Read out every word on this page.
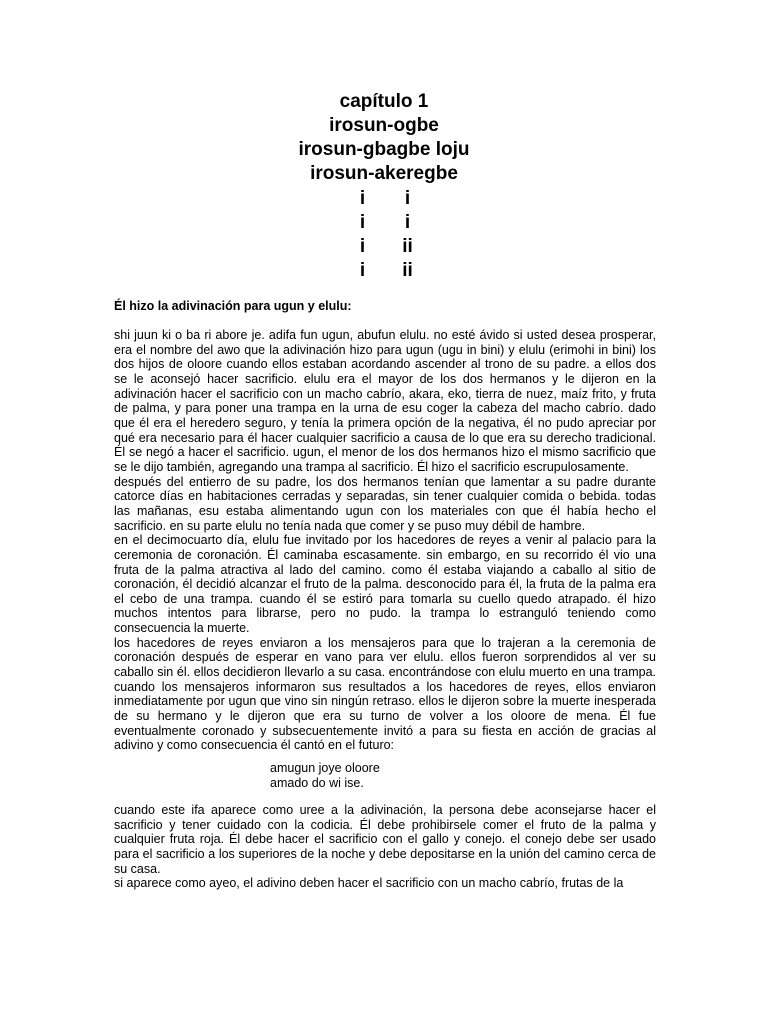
capítulo 1
irosun-ogbe
irosun-gbagbe loju
irosun-akeregbe
i	i
i	i
i	ii
i	ii
Él hizo la adivinación para ugun y elulu:
shi juun ki o ba ri abore je. adifa fun ugun, abufun elulu. no esté ávido si usted desea prosperar,
era el nombre del awo que la adivinación hizo para ugun (ugu in bini) y elulu (erimohi in bini) los
dos hijos de oloore cuando ellos estaban acordando ascender al trono de su padre. a ellos dos
se le aconsejó hacer sacrificio. elulu era el mayor de los dos hermanos y le dijeron en la
adivinación hacer el sacrificio con un macho cabrío, akara, eko, tierra de nuez, maíz frito, y fruta
de palma, y para poner una trampa en la urna de esu coger la cabeza del macho cabrío. dado
que él era el heredero seguro, y tenía la primera opción de la negativa, él no pudo apreciar por
qué era necesario para él hacer cualquier sacrificio a causa de lo que era su derecho tradicional.
Él se negó a hacer el sacrificio. ugun, el menor de los dos hermanos hizo el mismo sacrificio que
se le dijo también, agregando una trampa al sacrificio. Él hizo el sacrificio escrupulosamente.
después del entierro de su padre, los dos hermanos tenían que lamentar a su padre durante
catorce días en habitaciones cerradas y separadas, sin tener cualquier comida o bebida. todas
las mañanas, esu estaba alimentando ugun con los materiales con que él había hecho el
sacrificio. en su parte elulu no tenía nada que comer y se puso muy débil de hambre.
en el decimocuarto día, elulu fue invitado por los hacedores de reyes a venir al palacio para la
ceremonia de coronación. Él caminaba escasamente. sin embargo, en su recorrido él vio una
fruta de la palma atractiva al lado del camino. como él estaba viajando a caballo al sitio de
coronación, él decidió alcanzar el fruto de la palma. desconocido para él, la fruta de la palma era
el cebo de una trampa. cuando él se estiró para tomarla su cuello quedo atrapado. él hizo
muchos intentos para librarse, pero no pudo. la trampa lo estranguló teniendo como
consecuencia la muerte.
los hacedores de reyes enviaron a los mensajeros para que lo trajeran a la ceremonia de
coronación después de esperar en vano para ver elulu. ellos fueron sorprendidos al ver su
caballo sin él. ellos decidieron llevarlo a su casa. encontrándose con elulu muerto en una trampa.
cuando los mensajeros informaron sus resultados a los hacedores de reyes, ellos enviaron
inmediatamente por ugun que vino sin ningún retraso. ellos le dijeron sobre la muerte inesperada
de su hermano y le dijeron que era su turno de volver a los oloore de mena. Él fue
eventualmente coronado y subsecuentemente invitó a para su fiesta en acción de gracias al
adivino y como consecuencia él cantó en el futuro:
amugun joye oloore
amado do wi ise.
cuando este ifa aparece como uree a la adivinación, la persona debe aconsejarse hacer el
sacrificio y tener cuidado con la codicia. Él debe prohibirsele comer el fruto de la palma y
cualquier fruta roja. Él debe hacer el sacrificio con el gallo y conejo. el conejo debe ser usado
para el sacrificio a los superiores de la noche y debe depositarse en la unión del camino cerca de
su casa.
si aparece como ayeo, el adivino deben hacer el sacrificio con un macho cabrío, frutas de la
